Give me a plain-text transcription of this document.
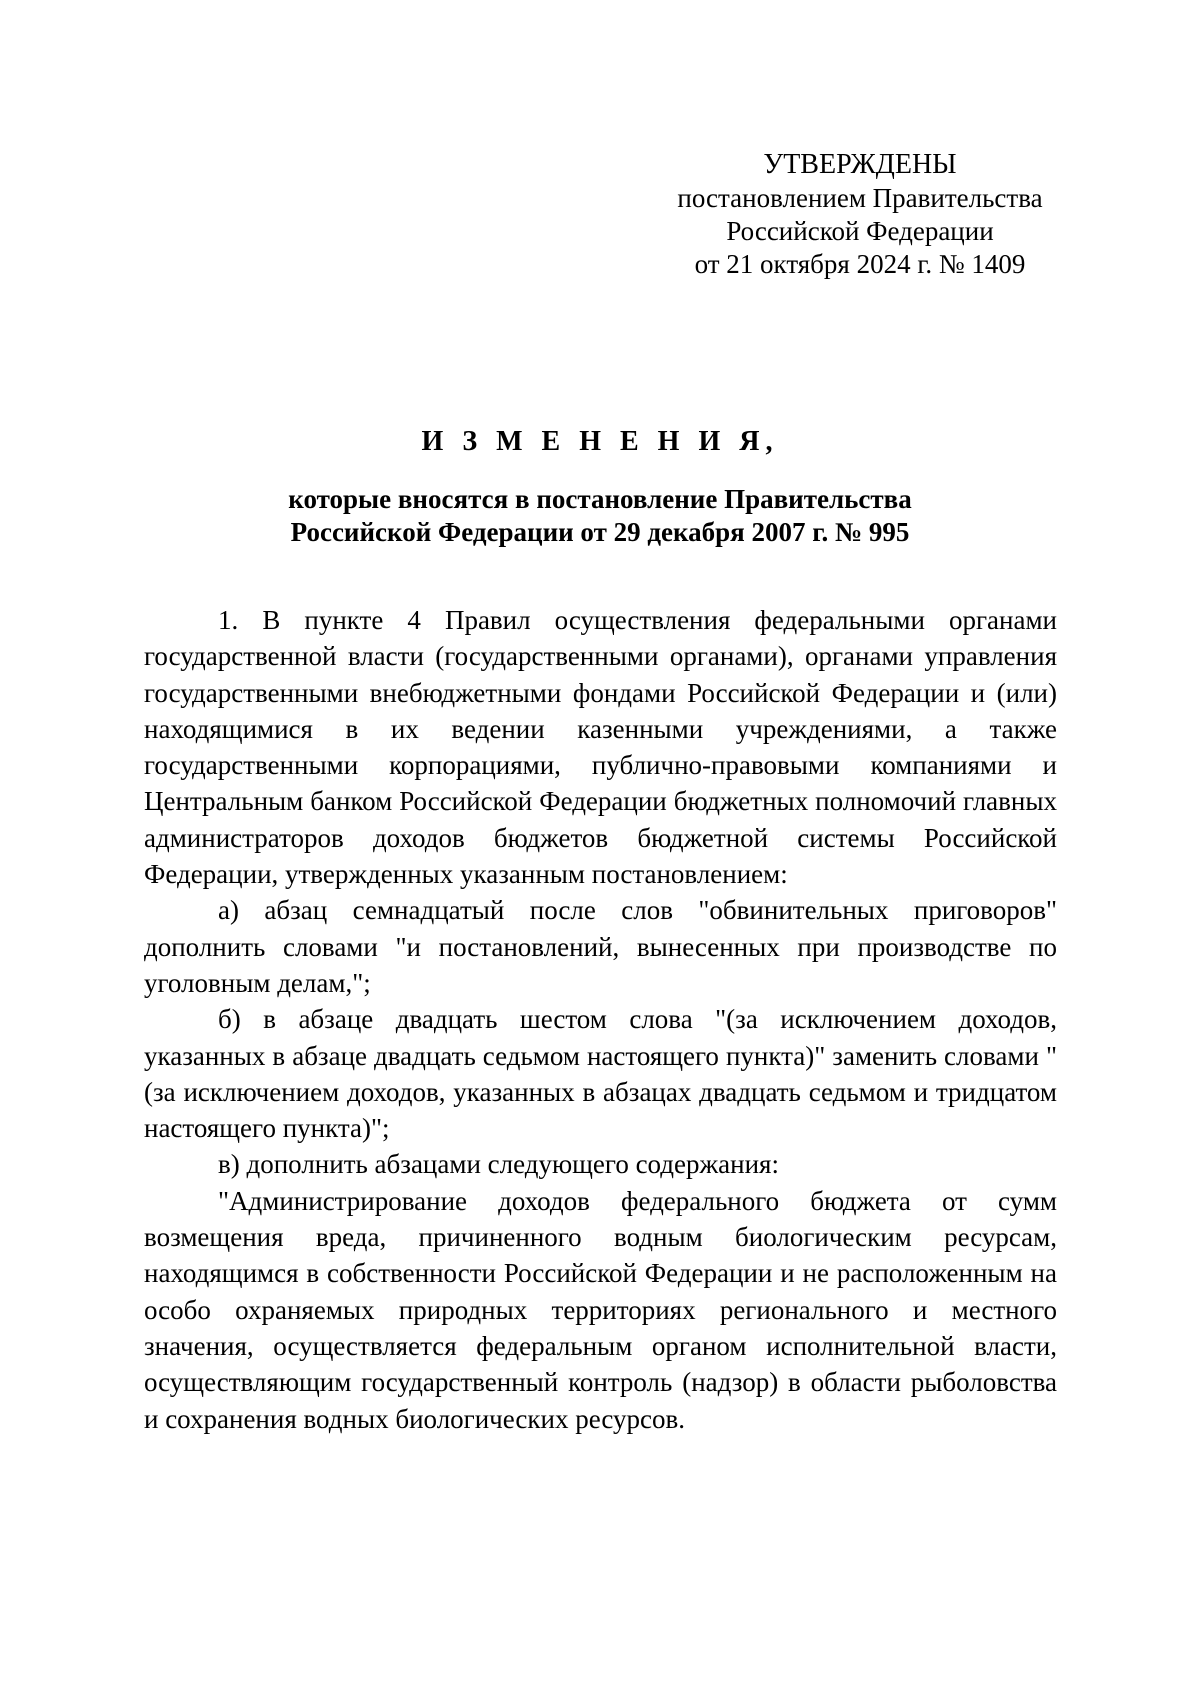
УТВЕРЖДЕНЫ
постановлением Правительства
Российской Федерации
от 21 октября 2024 г. № 1409
И З М Е Н Е Н И Я,
которые вносятся в постановление Правительства
Российской Федерации от 29 декабря 2007 г. № 995

1. В пункте 4 Правил осуществления федеральными органами государственной власти (государственными органами), органами управления государственными внебюджетными фондами Российской Федерации и (или) находящимися в их ведении казенными учреждениями, а также государственными корпорациями, публично-правовыми компаниями и Центральным банком Российской Федерации бюджетных полномочий главных администраторов доходов бюджетов бюджетной системы Российской Федерации, утвержденных указанным постановлением:

а) абзац семнадцатый после слов "обвинительных приговоров" дополнить словами "и постановлений, вынесенных при производстве по уголовным делам,";

б) в абзаце двадцать шестом слова "(за исключением доходов, указанных в абзаце двадцать седьмом настоящего пункта)" заменить словами "(за исключением доходов, указанных в абзацах двадцать седьмом и тридцатом настоящего пункта)";

в) дополнить абзацами следующего содержания:

"Администрирование доходов федерального бюджета от сумм возмещения вреда, причиненного водным биологическим ресурсам, находящимся в собственности Российской Федерации и не расположенным на особо охраняемых природных территориях регионального и местного значения, осуществляется федеральным органом исполнительной власти, осуществляющим государственный контроль (надзор) в области рыболовства и сохранения водных биологических ресурсов.
